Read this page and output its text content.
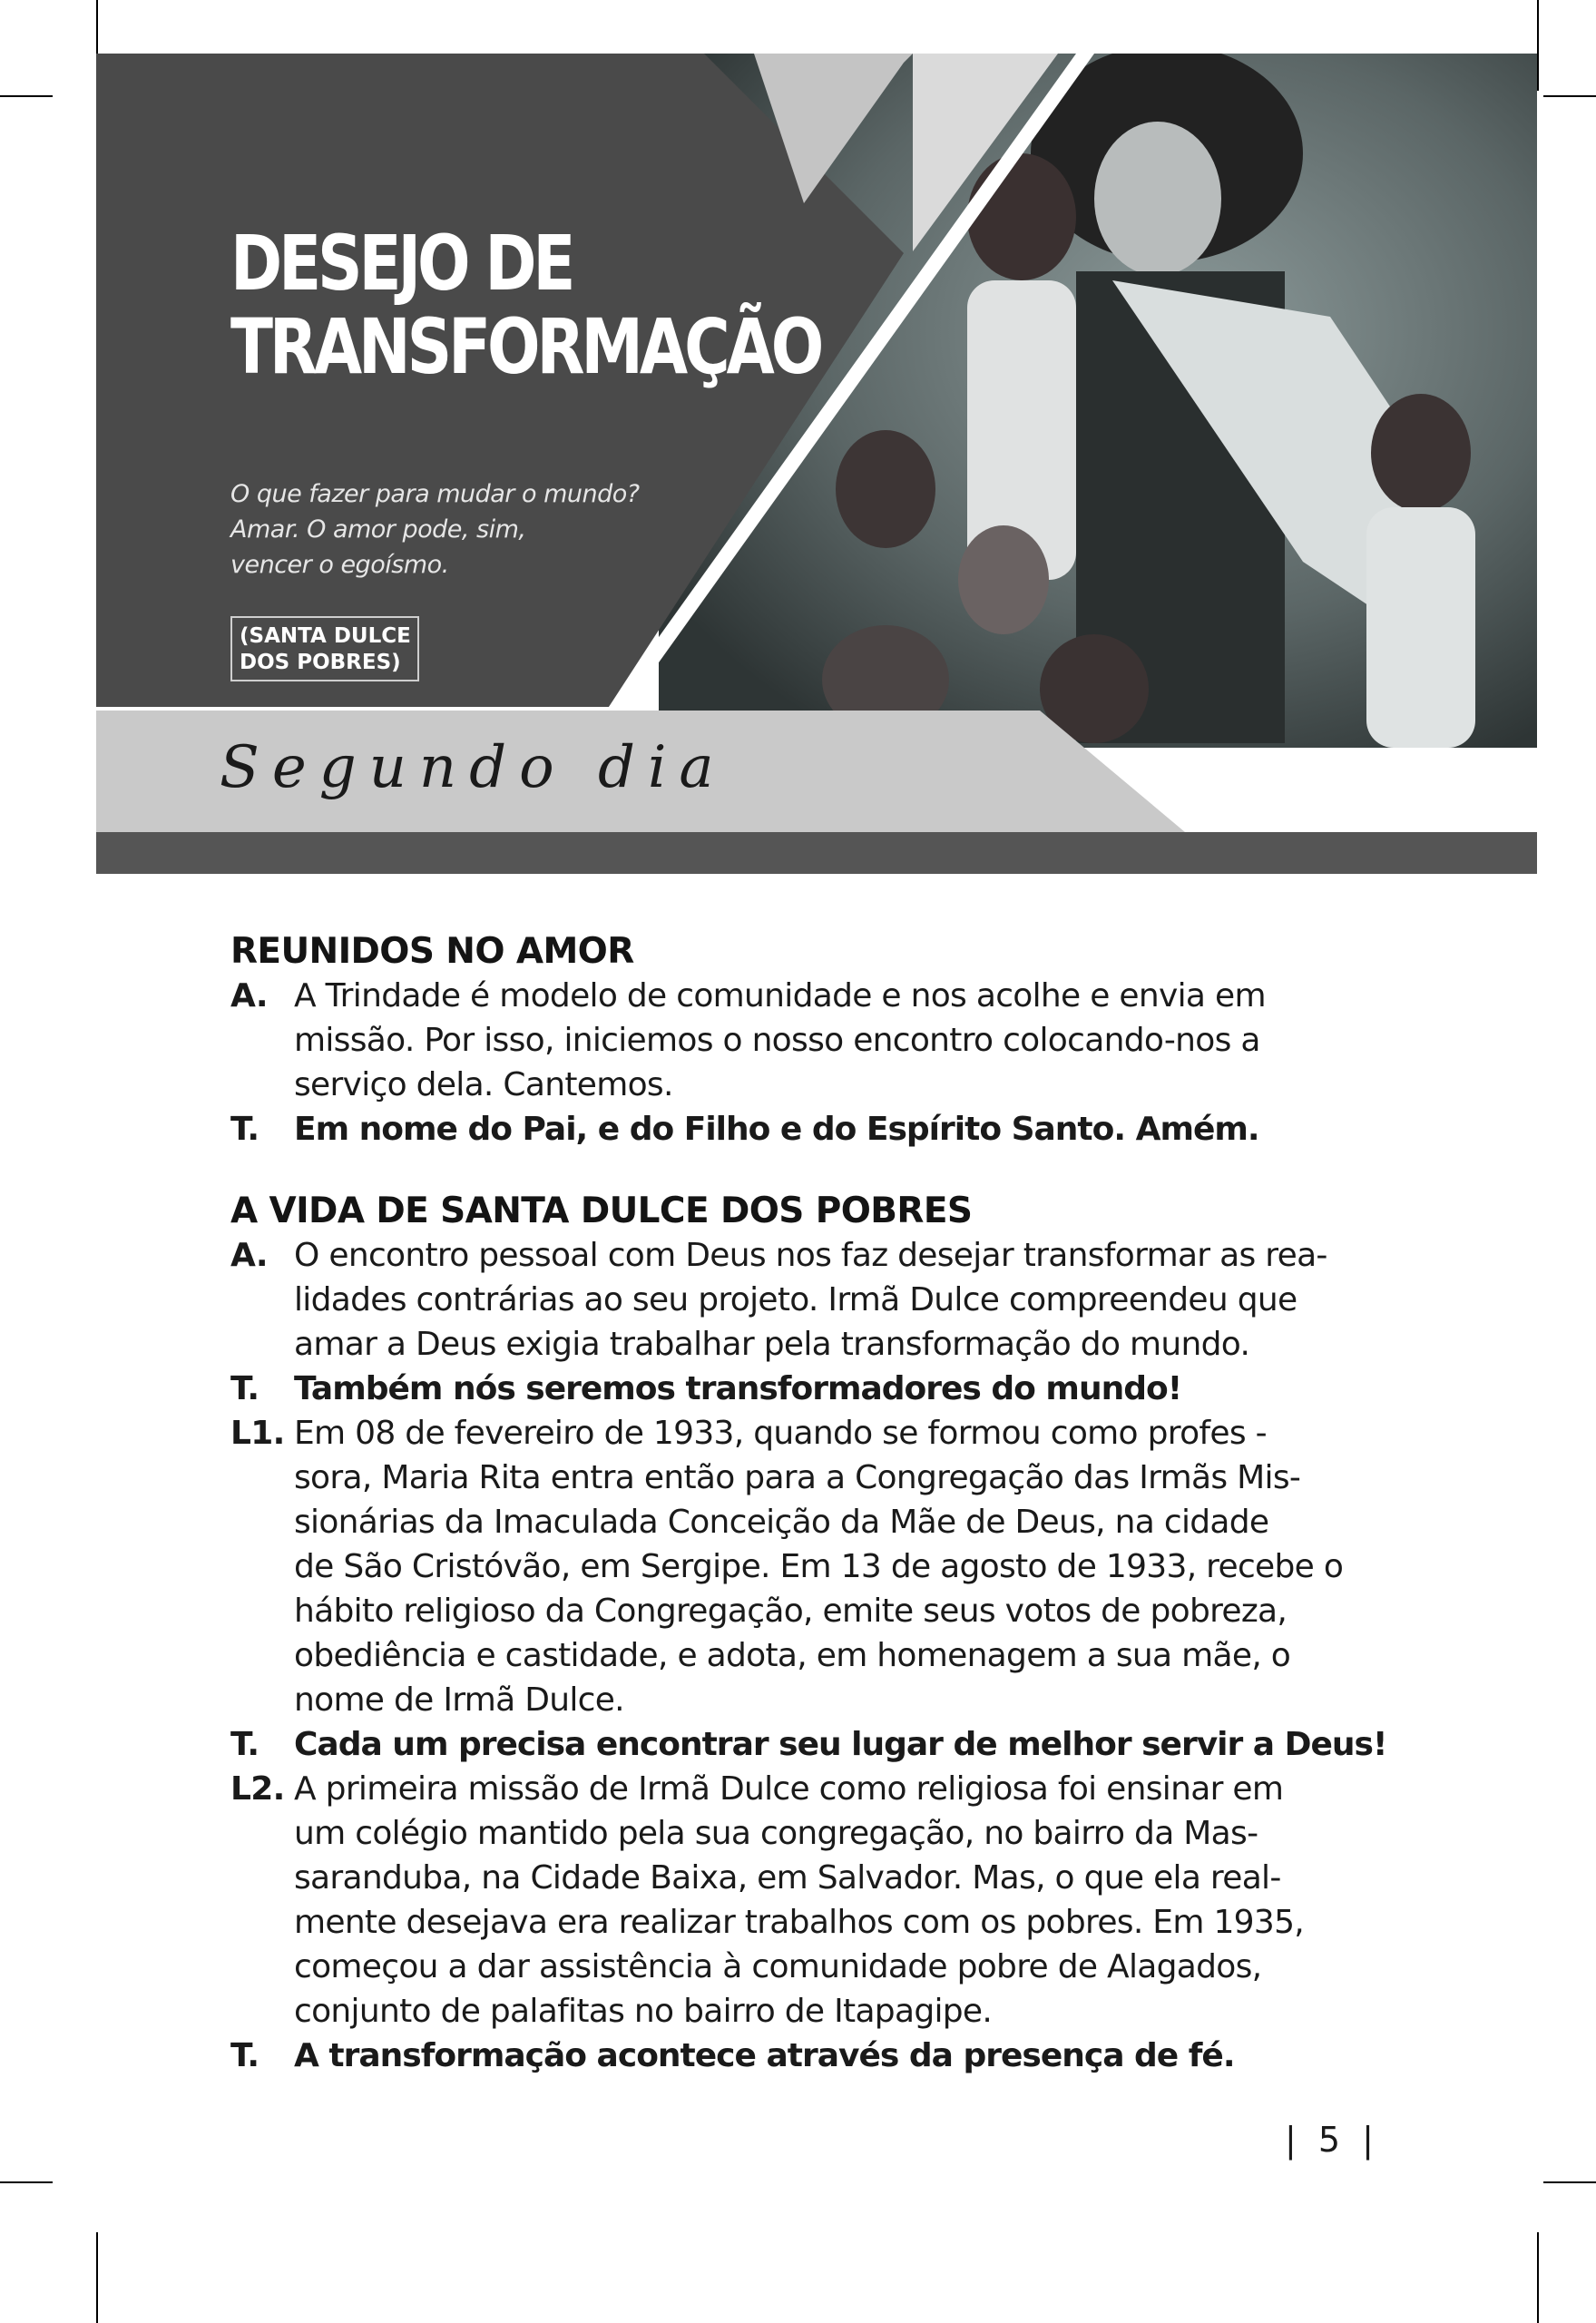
DESEJO DE
TRANSFORMAÇÃO
O que fazer para mudar o mundo?
Amar. O amor pode, sim,
vencer o egoísmo.
(SANTA DULCE
DOS POBRES)
Segundo dia
REUNIDOS NO AMOR
A. A Trindade é modelo de comunidade e nos acolhe e envia em
missão. Por isso, iniciemos o nosso encontro colocando-nos a
serviço dela. Cantemos.
T. Em nome do Pai, e do Filho e do Espírito Santo. Amém.
A VIDA DE SANTA DULCE DOS POBRES
A. O encontro pessoal com Deus nos faz desejar transformar as rea-
lidades contrárias ao seu projeto. Irmã Dulce compreendeu que
amar a Deus exigia trabalhar pela transformação do mundo.
T. Também nós seremos transformadores do mundo!
L1. Em 08 de fevereiro de 1933, quando se formou como profes -
sora, Maria Rita entra então para a Congregação das Irmãs Mis-
sionárias da Imaculada Conceição da Mãe de Deus, na cidade
de São Cristóvão, em Sergipe. Em 13 de agosto de 1933, recebe o
hábito religioso da Congregação, emite seus votos de pobreza,
obediência e castidade, e adota, em homenagem a sua mãe, o
nome de Irmã Dulce.
T. Cada um precisa encontrar seu lugar de melhor servir a Deus!
L2. A primeira missão de Irmã Dulce como religiosa foi ensinar em
um colégio mantido pela sua congregação, no bairro da Mas-
saranduba, na Cidade Baixa, em Salvador. Mas, o que ela real-
mente desejava era realizar trabalhos com os pobres. Em 1935,
começou a dar assistência à comunidade pobre de Alagados,
conjunto de palafitas no bairro de Itapagipe.
T. A transformação acontece através da presença de fé.
| 5 |
